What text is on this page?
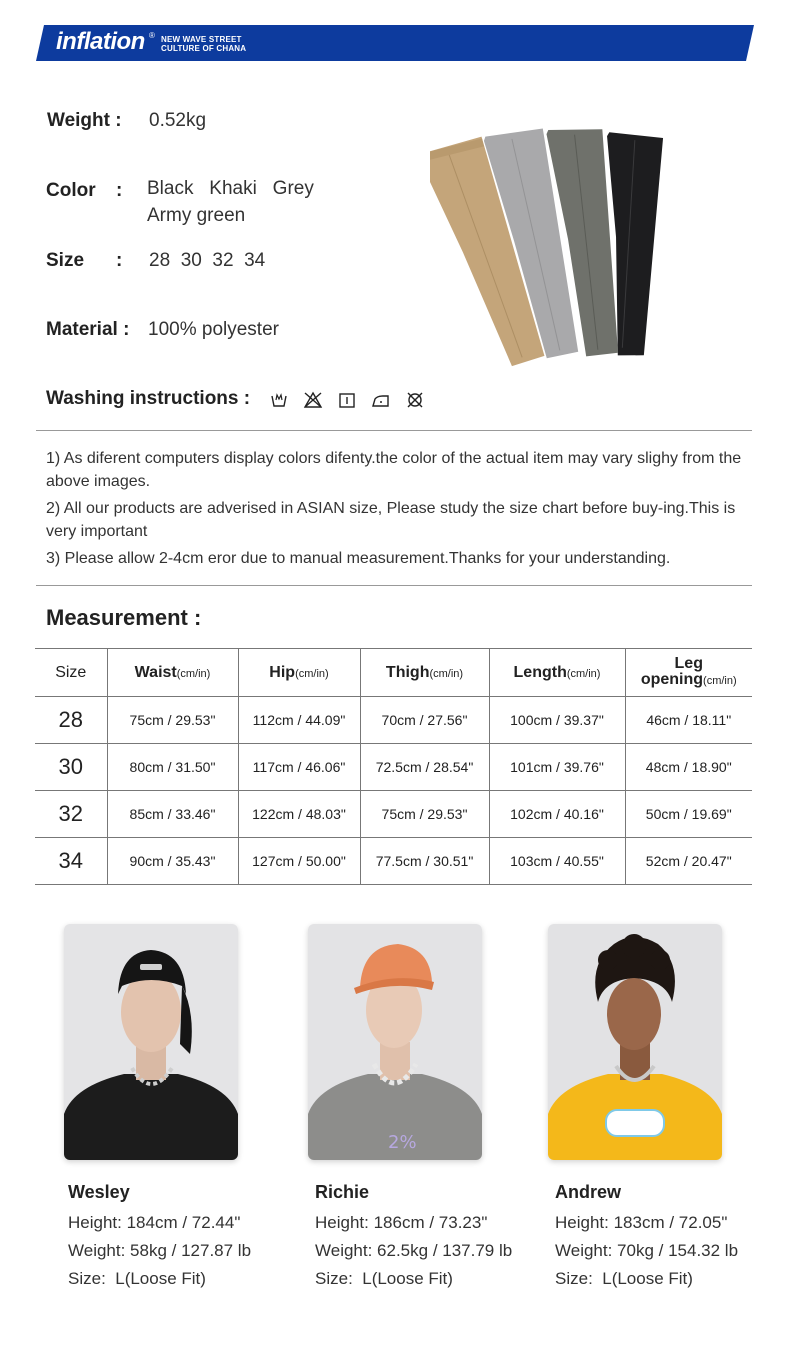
inflation ® NEW WAVE STREET
CULTURE OF CHANA
Weight : 0.52kg
Color : Black   Khaki   Grey
Army green
Size : 28  30  32  34
Material : 100% polyester
Washing instructions :
1) As diferent computers display colors difenty.the color of the actual item may vary slighy from the above images.
2) All our products are adverised in ASIAN size, Please study the size chart before buy-ing.This is very important
3) Please allow 2-4cm eror due to manual measurement.Thanks for your understanding.
Measurement :
Size	Waist(cm/in)	Hip(cm/in)	Thigh(cm/in)	Length(cm/in)	Leg
opening(cm/in)

28	75cm / 29.53"	112cm / 44.09"	70cm / 27.56"	100cm / 39.37"	46cm / 18.11"
30	80cm / 31.50"	117cm / 46.06"	72.5cm / 28.54"	101cm / 39.76"	48cm / 18.90"
32	85cm / 33.46"	122cm / 48.03"	75cm / 29.53"	102cm / 40.16"	50cm / 19.69"
34	90cm / 35.43"	127cm / 50.00"	77.5cm / 30.51"	103cm / 40.55"	52cm / 20.47"
2%
Wesley
Height: 184cm / 72.44"
Weight: 58kg / 127.87 lb
Size:  L(Loose Fit)
Richie
Height: 186cm / 73.23"
Weight: 62.5kg / 137.79 lb
Size:  L(Loose Fit)
Andrew
Height: 183cm / 72.05"
Weight: 70kg / 154.32 lb
Size:  L(Loose Fit)
